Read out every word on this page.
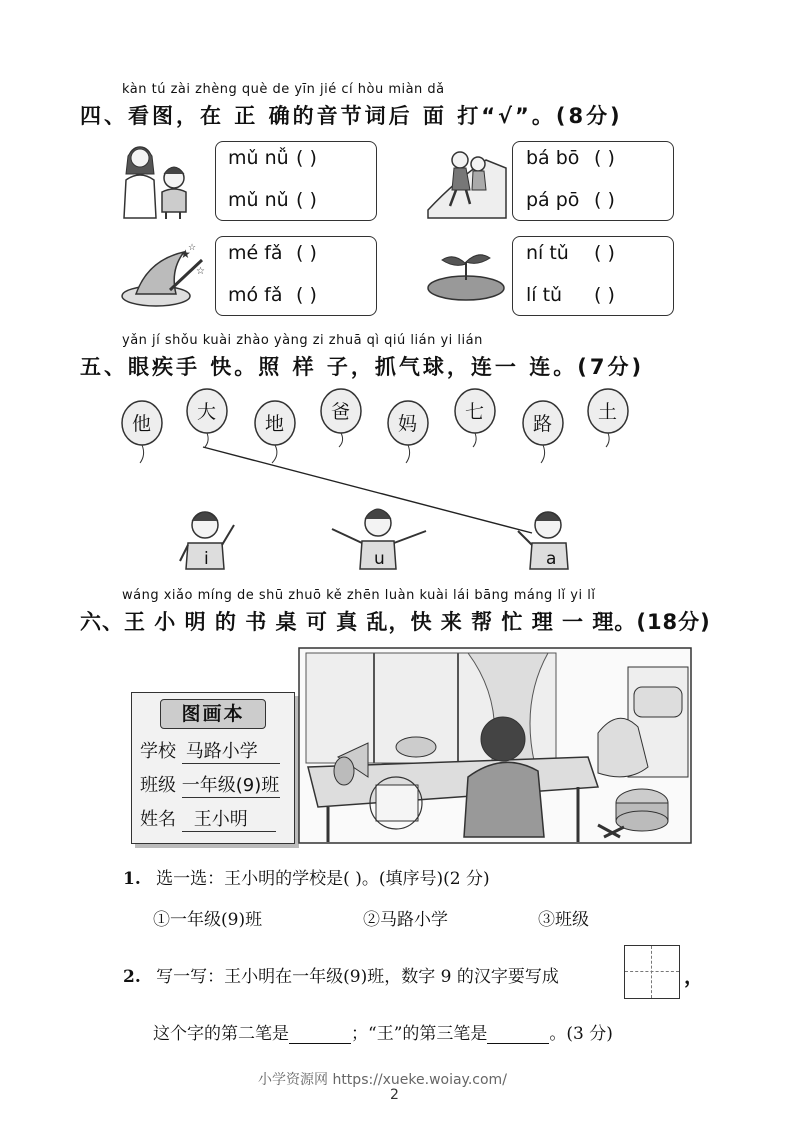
kàn tú zài zhèng què de yīn jié cí hòu miàn dǎ
四、看图，在 正 确的音节词后 面 打“√”。(8分)
mǔ nǚ ( )
mǔ nǔ ( )
bá bō ( )
pá pō ( )
★
☆
☆ mé fǎ ( )
mó fǎ ( )
ní tǔ ( )
lí tǔ ( )
yǎn jí shǒu kuài zhào yàng zi zhuā qì qiú lián yi lián
五、眼疾手 快。照 样 子，抓气球，连一 连。(7分)
他
大
地
爸
妈
七
路
土
i	u	a
wáng xiǎo míng de shū zhuō kě zhēn luàn kuài lái bāng máng lǐ yi lǐ
六、王 小 明 的 书 桌 可 真 乱，快 来 帮 忙 理 一 理。(18分)
图画本
学校 马路小学
班级 一年级(9)班
姓名 王小明
1. 选一选：王小明的学校是( )。(填序号)(2 分)
①一年级(9)班	②马路小学	③班级
2. 写一写：王小明在一年级(9)班，数字 9 的汉字要写成	，
这个字的第二笔是	；“王”的第三笔是	。(3 分)
小学资源网 https://xueke.woiay.com/
2
